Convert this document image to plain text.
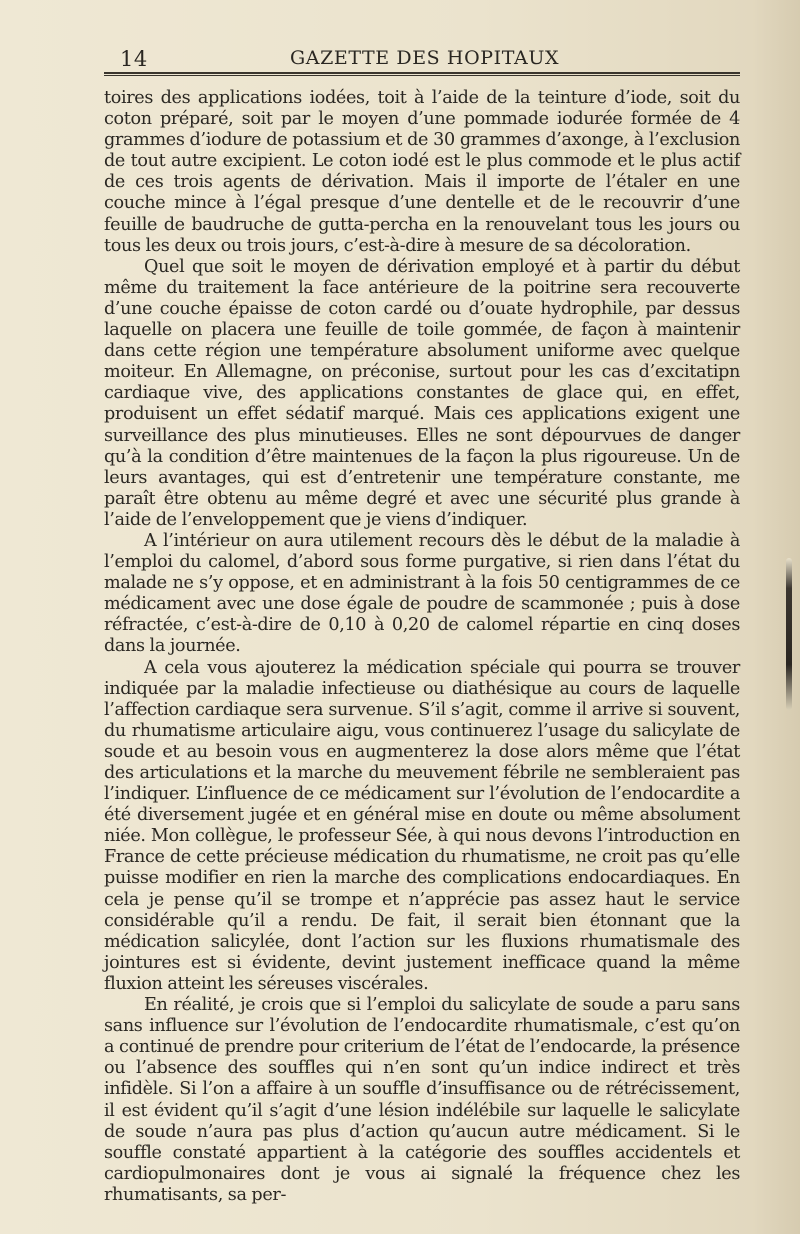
14	GAZETTE DES HOPITAUX

toires des applications iodées, toit à l’aide de la teinture d’iode, soit du coton préparé, soit par le moyen d’une pommade iodurée formée de 4 grammes d’iodure de potassium et de 30 grammes d’axonge, à l’exclusion de tout autre excipient. Le coton iodé est le plus commode et le plus actif de ces trois agents de dérivation. Mais il importe de l’étaler en une couche mince à l’égal presque d’une dentelle et de le recouvrir d’une feuille de baudruche de gutta-percha en la renouvelant tous les jours ou tous les deux ou trois jours, c’est-à-dire à mesure de sa décoloration.

Quel que soit le moyen de dérivation employé et à partir du début même du traitement la face antérieure de la poitrine sera recouverte d’une couche épaisse de coton cardé ou d’ouate hydrophile, par dessus laquelle on placera une feuille de toile gommée, de façon à maintenir dans cette région une température absolument uniforme avec quelque moiteur. En Allemagne, on préconise, surtout pour les cas d’excitatipn cardiaque vive, des applications constantes de glace qui, en effet, produisent un effet sédatif marqué. Mais ces applications exigent une surveillance des plus minutieuses. Elles ne sont dépourvues de danger qu’à la condition d’être maintenues de la façon la plus rigoureuse. Un de leurs avantages, qui est d’entretenir une température constante, me paraît être obtenu au même degré et avec une sécurité plus grande à l’aide de l’enveloppement que je viens d’indiquer.

A l’intérieur on aura utilement recours dès le début de la maladie à l’emploi du calomel, d’abord sous forme purgative, si rien dans l’état du malade ne s’y oppose, et en administrant à la fois 50 centigrammes de ce médicament avec une dose égale de poudre de scammonée ; puis à dose réfractée, c’est-à-dire de 0,10 à 0,20 de calomel répartie en cinq doses dans la journée.

A cela vous ajouterez la médication spéciale qui pourra se trouver indiquée par la maladie infectieuse ou diathésique au cours de laquelle l’affection cardiaque sera survenue. S’il s’agit, comme il arrive si souvent, du rhumatisme articulaire aigu, vous continuerez l’usage du salicylate de soude et au besoin vous en augmenterez la dose alors même que l’état des articulations et la marche du meuvement fébrile ne sembleraient pas l’indiquer. L’influence de ce médicament sur l’évolution de l’endocardite a été diversement jugée et en général mise en doute ou même absolument niée. Mon collègue, le professeur Sée, à qui nous devons l’introduction en France de cette précieuse médication du rhumatisme, ne croit pas qu’elle puisse modifier en rien la marche des complications endocardiaques. En cela je pense qu’il se trompe et n’apprécie pas assez haut le service considérable qu’il a rendu. De fait, il serait bien étonnant que la médication salicylée, dont l’action sur les fluxions rhumatismale des jointures est si évidente, devint justement inefficace quand la même fluxion atteint les séreuses viscérales.

En réalité, je crois que si l’emploi du salicylate de soude a paru sans sans influence sur l’évolution de l’endocardite rhumatismale, c’est qu’on a continué de prendre pour criterium de l’état de l’endocarde, la présence ou l’absence des souffles qui n’en sont qu’un indice indirect et très infidèle. Si l’on a affaire à un souffle d’insuffisance ou de rétrécissement, il est évident qu’il s’agit d’une lésion indélébile sur laquelle le salicylate de soude n’aura pas plus d’action qu’aucun autre médicament. Si le souffle constaté appartient à la catégorie des souffles accidentels et cardiopulmonaires dont je vous ai signalé la fréquence chez les rhumatisants, sa per-
